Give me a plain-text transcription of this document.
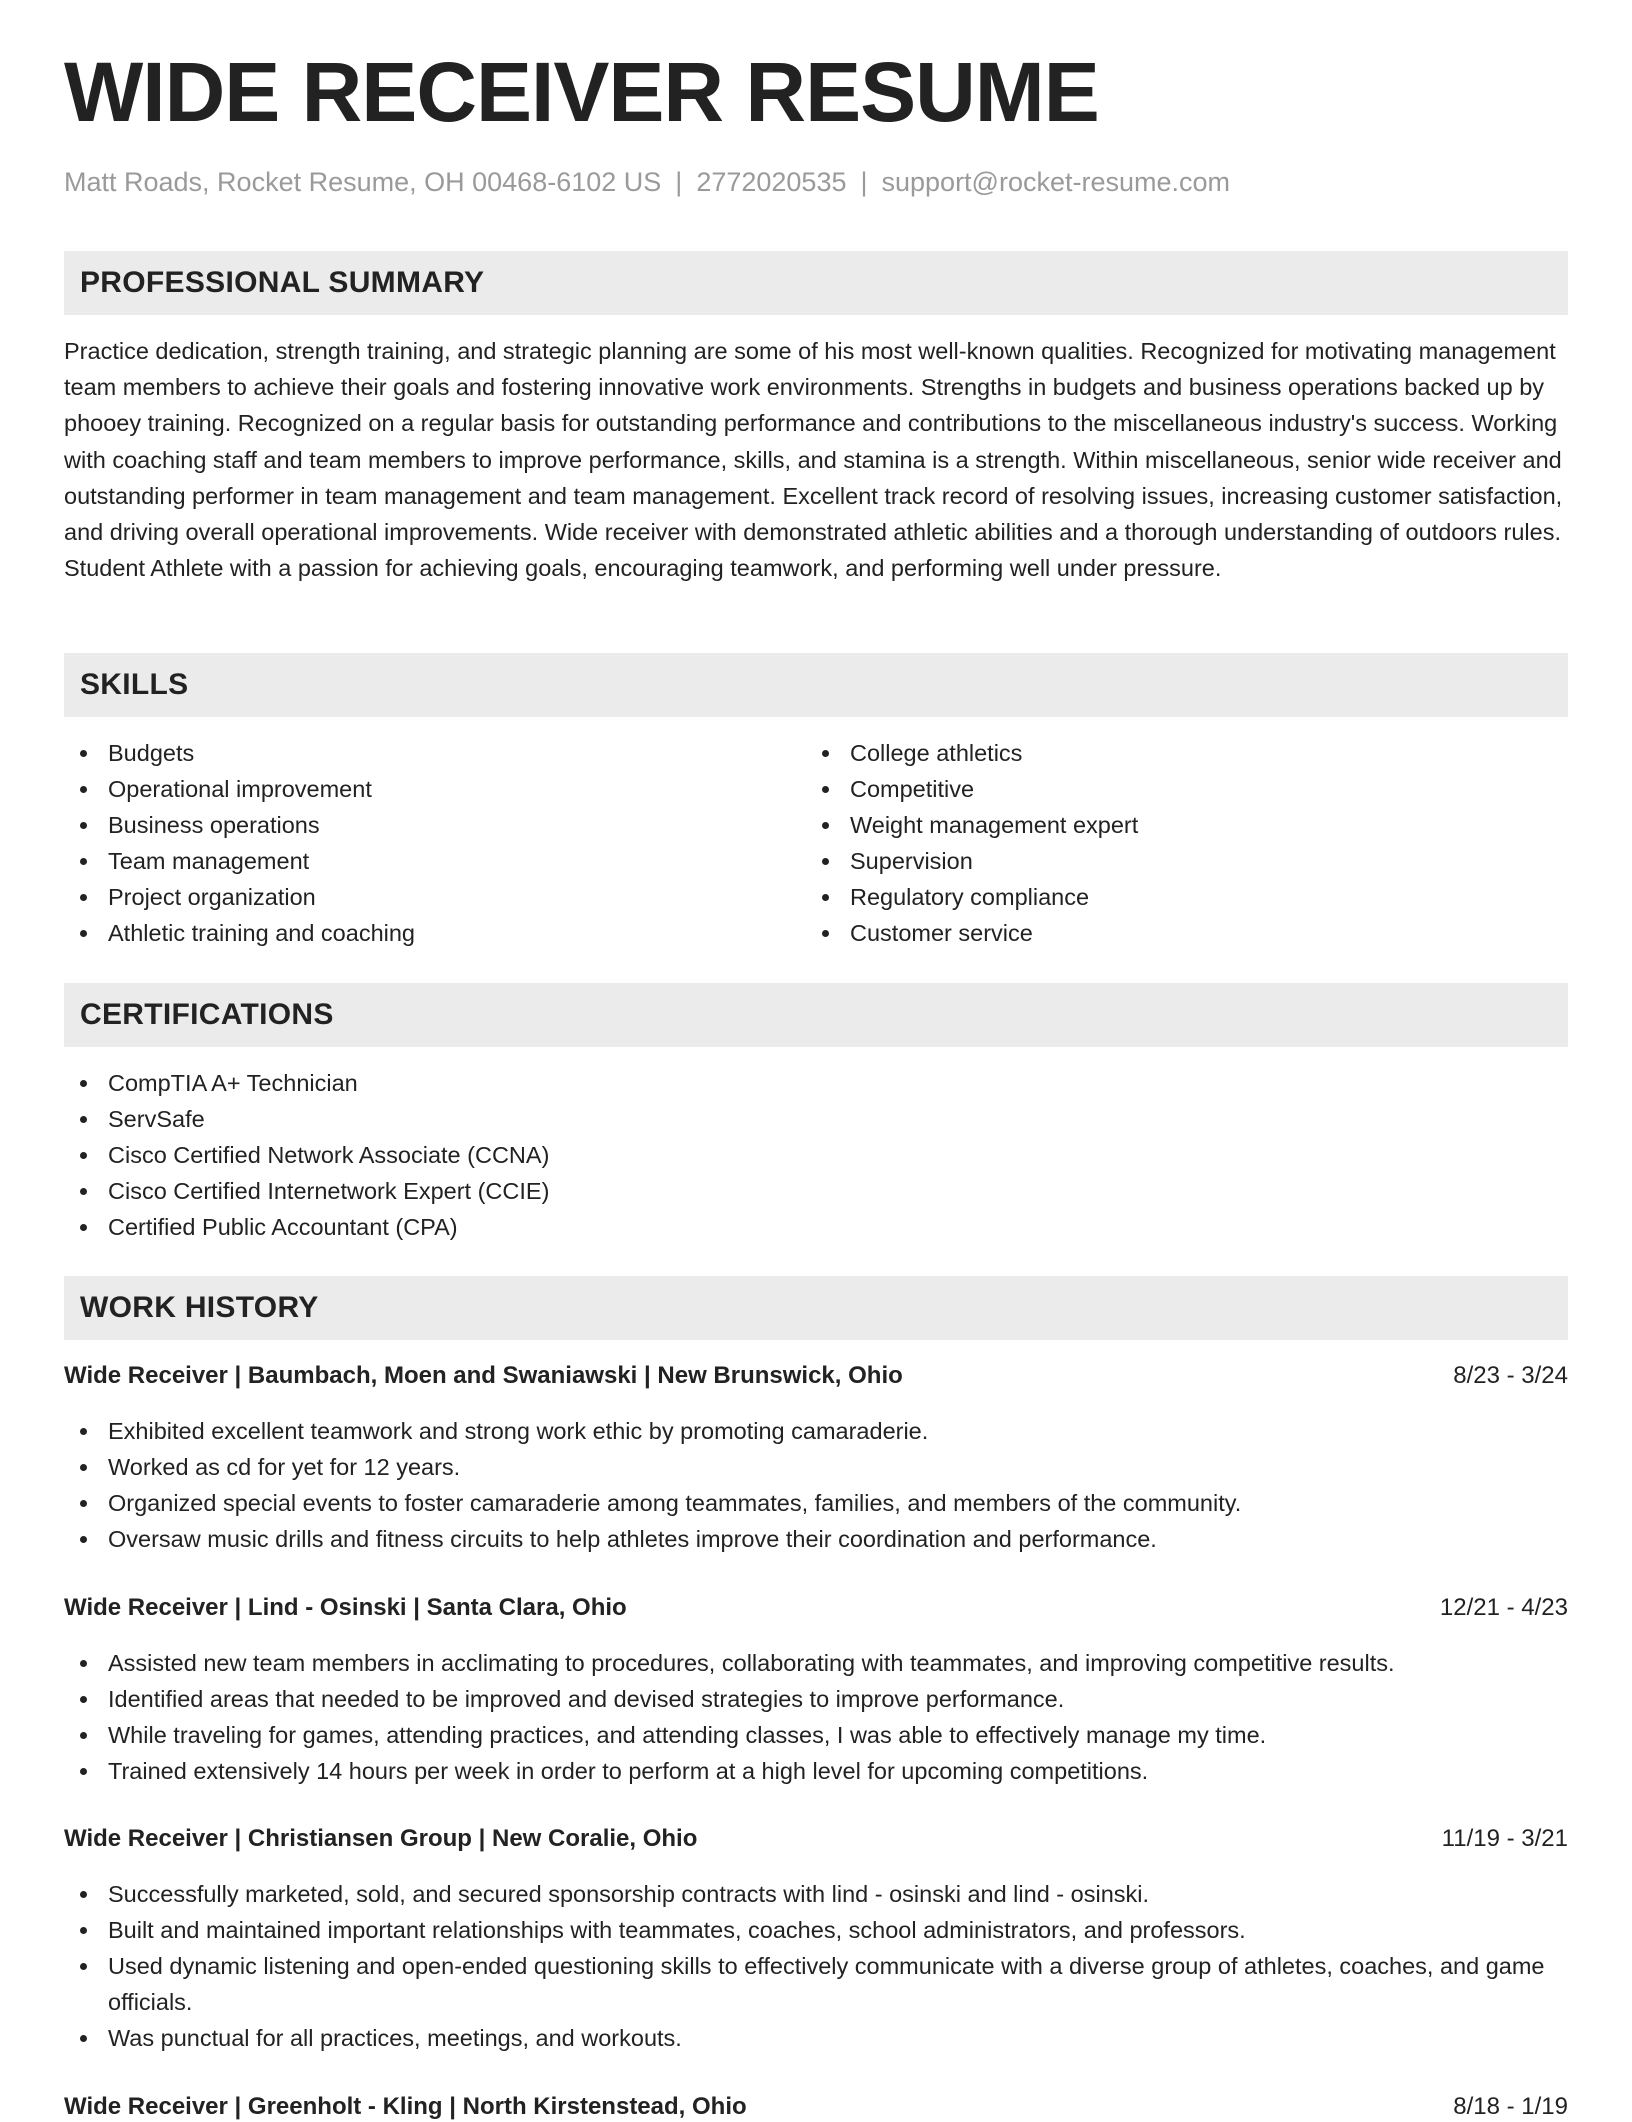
WIDE RECEIVER RESUME
Matt Roads, Rocket Resume, OH 00468-6102 US | 2772020535 | support@rocket-resume.com
PROFESSIONAL SUMMARY

Practice dedication, strength training, and strategic planning are some of his most well-known qualities. Recognized for motivating management team members to achieve their goals and fostering innovative work environments. Strengths in budgets and business operations backed up by phooey training. Recognized on a regular basis for outstanding performance and contributions to the miscellaneous industry's success. Working with coaching staff and team members to improve performance, skills, and stamina is a strength. Within miscellaneous, senior wide receiver and outstanding performer in team management and team management. Excellent track record of resolving issues, increasing customer satisfaction, and driving overall operational improvements. Wide receiver with demonstrated athletic abilities and a thorough understanding of outdoors rules. Student Athlete with a passion for achieving goals, encouraging teamwork, and performing well under pressure.

SKILLS
Budgets
Operational improvement
Business operations
Team management
Project organization
Athletic training and coaching
College athletics
Competitive
Weight management expert
Supervision
Regulatory compliance
Customer service
CERTIFICATIONS
CompTIA A+ Technician
ServSafe
Cisco Certified Network Associate (CCNA)
Cisco Certified Internetwork Expert (CCIE)
Certified Public Accountant (CPA)
WORK HISTORY
Wide Receiver | Baumbach, Moen and Swaniawski | New Brunswick, Ohio	8/23 - 3/24
Exhibited excellent teamwork and strong work ethic by promoting camaraderie.
Worked as cd for yet for 12 years.
Organized special events to foster camaraderie among teammates, families, and members of the community.
Oversaw music drills and fitness circuits to help athletes improve their coordination and performance.
Wide Receiver | Lind - Osinski | Santa Clara, Ohio	12/21 - 4/23
Assisted new team members in acclimating to procedures, collaborating with teammates, and improving competitive results.
Identified areas that needed to be improved and devised strategies to improve performance.
While traveling for games, attending practices, and attending classes, I was able to effectively manage my time.
Trained extensively 14 hours per week in order to perform at a high level for upcoming competitions.
Wide Receiver | Christiansen Group | New Coralie, Ohio	11/19 - 3/21
Successfully marketed, sold, and secured sponsorship contracts with lind - osinski and lind - osinski.
Built and maintained important relationships with teammates, coaches, school administrators, and professors.
Used dynamic listening and open-ended questioning skills to effectively communicate with a diverse group of athletes, coaches, and game officials.
Was punctual for all practices, meetings, and workouts.
Wide Receiver | Greenholt - Kling | North Kirstenstead, Ohio	8/18 - 1/19
